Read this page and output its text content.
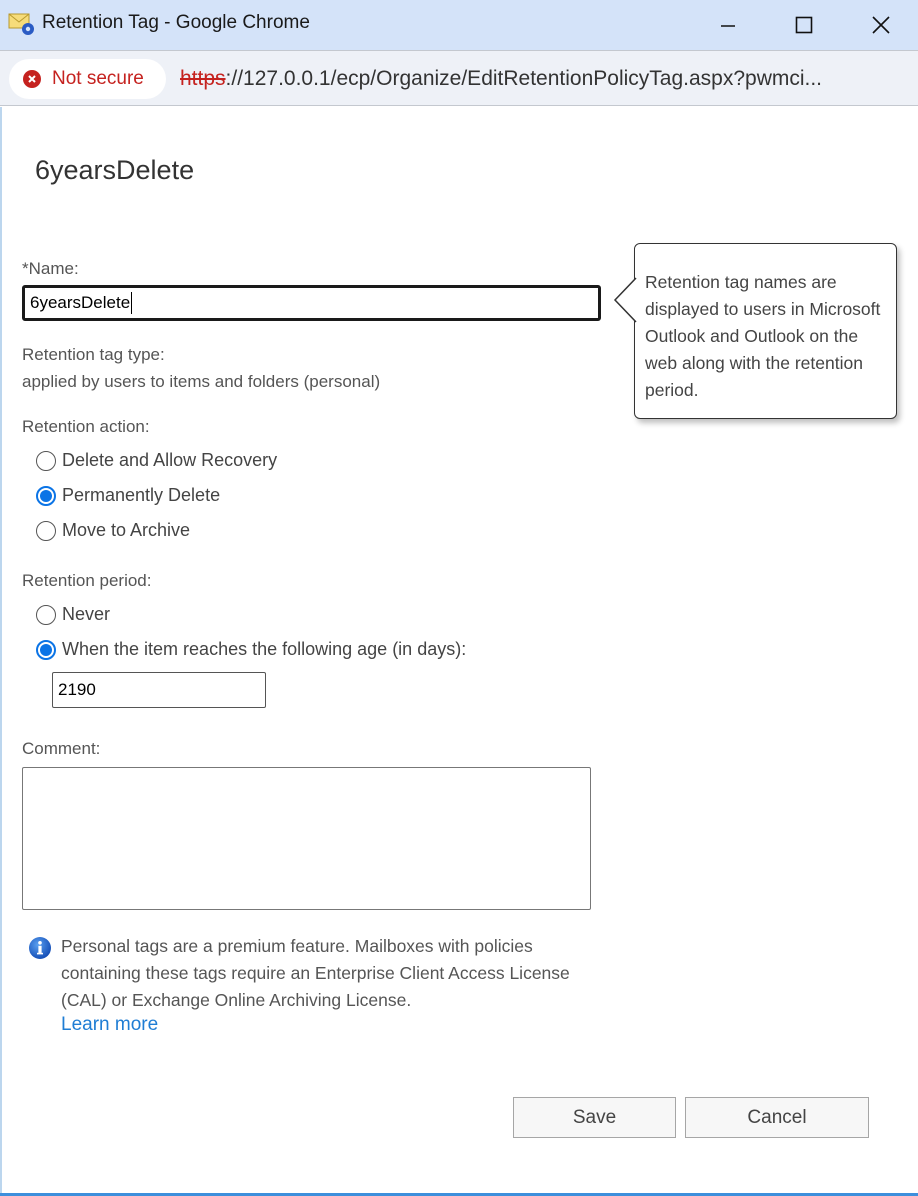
Retention Tag - Google Chrome
Not secure https://127.0.0.1/ecp/Organize/EditRetentionPolicyTag.aspx?pwmci...
6yearsDelete
*Name:
6yearsDelete
Retention tag type:
applied by users to items and folders (personal)
Retention action:
Delete and Allow Recovery
Permanently Delete
Move to Archive
Retention period:
Never
When the item reaches the following age (in days):
2190
Comment:
Personal tags are a premium feature. Mailboxes with policies containing these tags require an Enterprise Client Access License (CAL) or Exchange Online Archiving License.
Learn more
Save	Cancel
Retention tag names are displayed to users in Microsoft Outlook and Outlook on the web along with the retention period.
